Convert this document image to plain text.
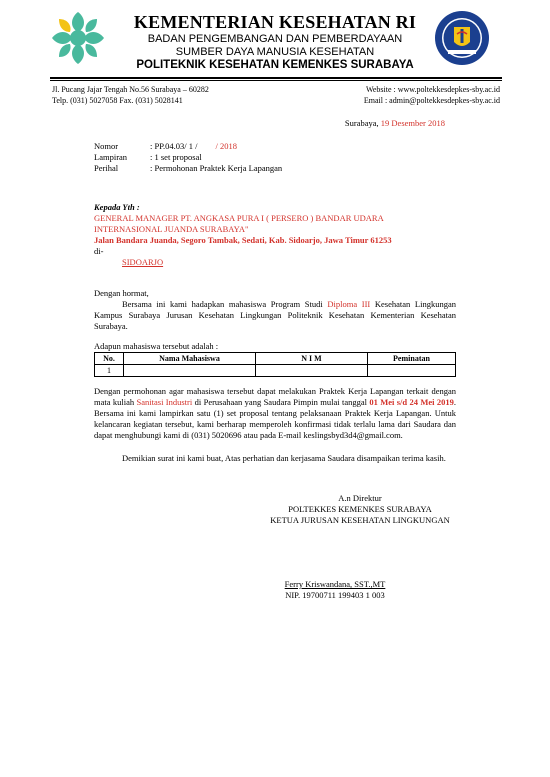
KEMENTERIAN KESEHATAN RI
BADAN PENGEMBANGAN DAN PEMBERDAYAAN
SUMBER DAYA MANUSIA KESEHATAN
POLITEKNIK KESEHATAN KEMENKES SURABAYA
Jl. Pucang Jajar Tengah No.56 Surabaya – 60282
Telp. (031) 5027058 Fax. (031) 5028141
Website : www.poltekkesdepkes-sby.ac.id
Email : admin@poltekkesdepkes-sby.ac.id
Surabaya, 19 Desember 2018
Nomor	: PP.04.03/ 1 / / 2018
Lampiran	: 1 set proposal
Perihal	: Permohonan Praktek Kerja Lapangan
Kepada Yth :
GENERAL MANAGER PT. ANGKASA PURA I ( PERSERO ) BANDAR UDARA
INTERNASIONAL JUANDA SURABAYA"
Jalan Bandara Juanda, Segoro Tambak, Sedati, Kab. Sidoarjo, Jawa Timur 61253
di-
SIDOARJO
Dengan hormat,
Bersama ini kami hadapkan mahasiswa Program Studi Diploma III Kesehatan Lingkungan Kampus Surabaya Jurusan Kesehatan Lingkungan Politeknik Kesehatan Kementerian Kesehatan Surabaya.
Adapun mahasiswa tersebut adalah :
No.	Nama Mahasiswa	N I M	Peminatan
1			
Dengan permohonan agar mahasiswa tersebut dapat melakukan Praktek Kerja Lapangan terkait dengan mata kuliah Sanitasi Industri di Perusahaan yang Saudara Pimpin mulai tanggal 01 Mei s/d 24 Mei 2019. Bersama ini kami lampirkan satu (1) set proposal tentang pelaksanaan Praktek Kerja Lapangan. Untuk kelancaran kegiatan tersebut, kami berharap memperoleh konfirmasi tidak terlalu lama dari Saudara dan dapat menghubungi kami di (031) 5020696 atau pada E-mail keslingsbyd3d4@gmail.com.
Demikian surat ini kami buat, Atas perhatian dan kerjasama Saudara disampaikan terima kasih.
A.n Direktur
POLTEKKES KEMENKES SURABAYA
KETUA JURUSAN KESEHATAN LINGKUNGAN
Ferry Kriswandana, SST.,MT
NIP. 19700711 199403 1 003
